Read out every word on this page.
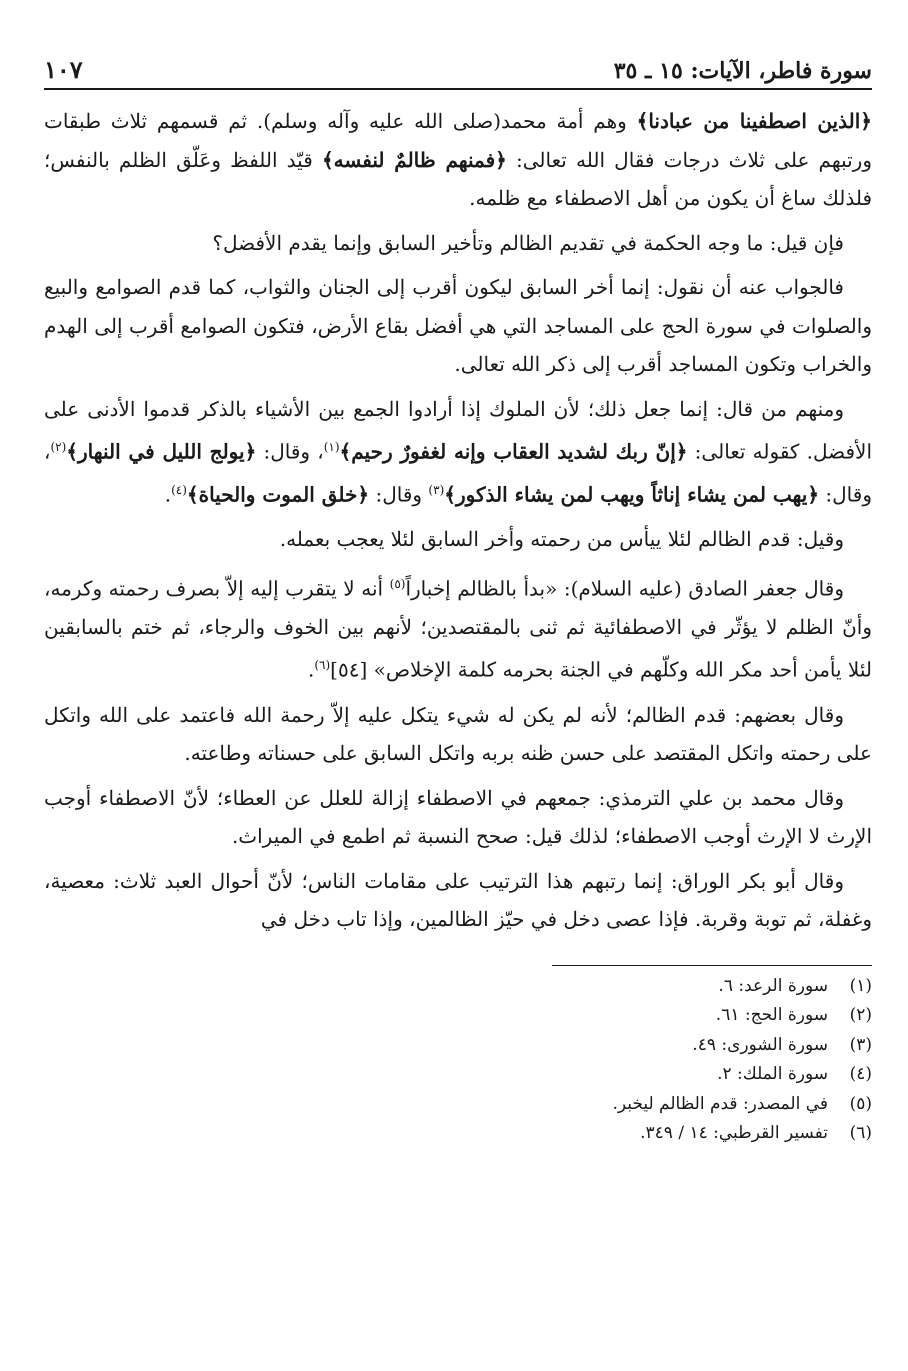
سورة فاطر، الآيات: ١٥ ـ ٣٥
١٠٧

﴿الذين اصطفينا من عبادنا﴾ وهم أمة محمد(صلى الله عليه وآله وسلم). ثم قسمهم ثلاث طبقات ورتبهم على ثلاث درجات فقال الله تعالى: ﴿فمنهم ظالمٌ لنفسه﴾ قيّد اللفظ وعَلّق الظلم بالنفس؛ فلذلك ساغ أن يكون من أهل الاصطفاء مع ظلمه.

فإن قيل: ما وجه الحكمة في تقديم الظالم وتأخير السابق وإنما يقدم الأفضل؟

فالجواب عنه أن نقول: إنما أخر السابق ليكون أقرب إلى الجنان والثواب، كما قدم الصوامع والبيع والصلوات في سورة الحج على المساجد التي هي أفضل بقاع الأرض، فتكون الصوامع أقرب إلى الهدم والخراب وتكون المساجد أقرب إلى ذكر الله تعالى.

ومنهم من قال: إنما جعل ذلك؛ لأن الملوك إذا أرادوا الجمع بين الأشياء بالذكر قدموا الأدنى على الأفضل. كقوله تعالى: ﴿إنّ ربك لشديد العقاب وإنه لغفورٌ رحيم﴾$^{(١)}$، وقال: ﴿يولج الليل في النهار﴾$^{(٢)}$، وقال: ﴿يهب لمن يشاء إناثاً ويهب لمن يشاء الذكور﴾$^{(٣)}$ وقال: ﴿خلق الموت والحياة﴾$^{(٤)}$.

وقيل: قدم الظالم لئلا ييأس من رحمته وأخر السابق لئلا يعجب بعمله.

وقال جعفر الصادق (عليه السلام): «بدأ بالظالم إخباراً$^{(٥)}$ أنه لا يتقرب إليه إلاّ بصرف رحمته وكرمه، وأنّ الظلم لا يؤثّر في الاصطفائية ثم ثنى بالمقتصدين؛ لأنهم بين الخوف والرجاء، ثم ختم بالسابقين لئلا يأمن أحد مكر الله وكلّهم في الجنة بحرمه كلمة الإخلاص» [٥٤]$^{(٦)}$.

وقال بعضهم: قدم الظالم؛ لأنه لم يكن له شيء يتكل عليه إلاّ رحمة الله فاعتمد على الله واتكل على رحمته واتكل المقتصد على حسن ظنه بربه واتكل السابق على حسناته وطاعته.

وقال محمد بن علي الترمذي: جمعهم في الاصطفاء إزالة للعلل عن العطاء؛ لأنّ الاصطفاء أوجب الإرث لا الإرث أوجب الاصطفاء؛ لذلك قيل: صحح النسبة ثم اطمع في الميراث.

وقال أبو بكر الوراق: إنما رتبهم هذا الترتيب على مقامات الناس؛ لأنّ أحوال العبد ثلاث: معصية، وغفلة، ثم توبة وقربة. فإذا عصى دخل في حيّز الظالمين، وإذا تاب دخل في

(١)
سورة الرعد: ٦.
(٢)
سورة الحج: ٦١.
(٣)
سورة الشورى: ٤٩.
(٤)
سورة الملك: ٢.
(٥)
في المصدر: قدم الظالم ليخبر.
(٦)
تفسير القرطبي: ١٤ / ٣٤٩.
